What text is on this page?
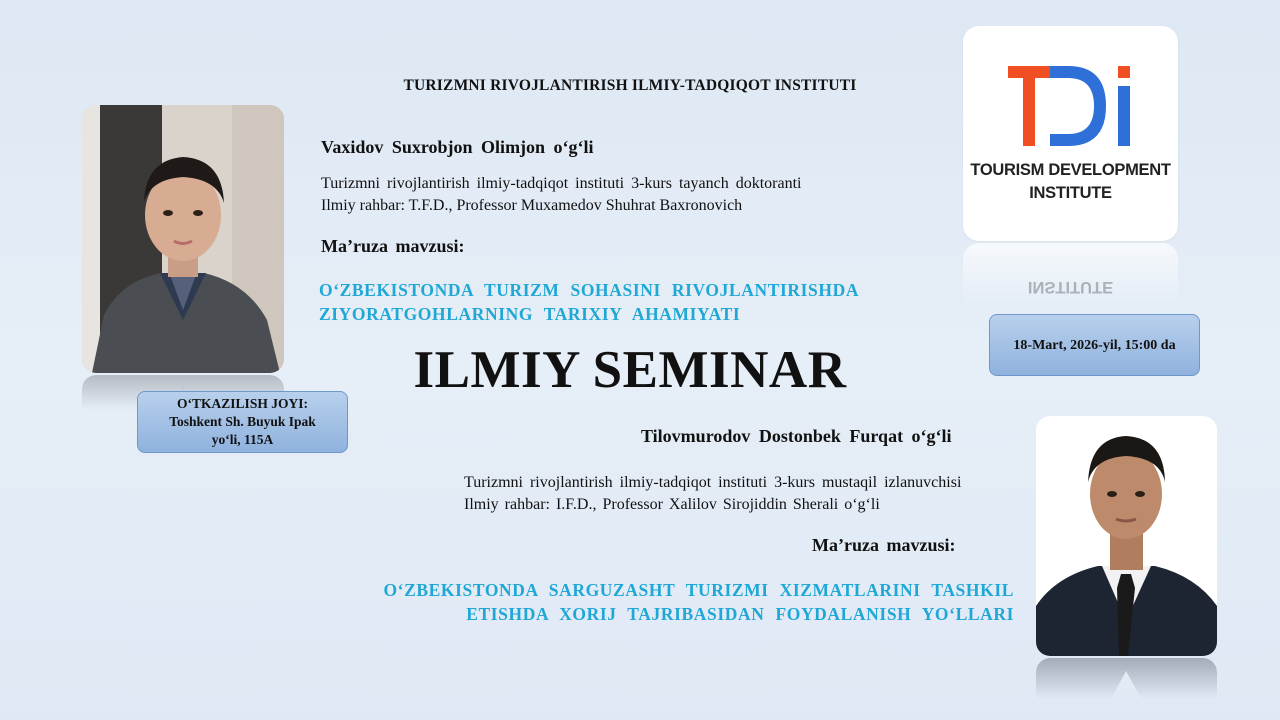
TURIZMNI RIVOJLANTIRISH ILMIY-TADQIQOT INSTITUTI
O‘TKAZILISH JOYI:
Toshkent Sh. Buyuk Ipak
yo‘li, 115A
TOURISM DEVELOPMENT
INSTITUTE
INSTITUTE
Vaxidov Suxrobjon Olimjon o‘g‘li
Turizmni rivojlantirish ilmiy-tadqiqot instituti 3-kurs tayanch doktoranti
Ilmiy rahbar: T.F.D., Professor Muxamedov Shuhrat Baxronovich
Ma’ruza mavzusi:
O‘ZBEKISTONDA TURIZM SOHASINI RIVOJLANTIRISHDA
ZIYORATGOHLARNING TARIXIY AHAMIYATI
18-Mart, 2026-yil, 15:00 da
ILMIY SEMINAR
Tilovmurodov Dostonbek Furqat o‘g‘li
Turizmni rivojlantirish ilmiy-tadqiqot instituti 3-kurs mustaqil izlanuvchisi
Ilmiy rahbar: I.F.D., Professor Xalilov Sirojiddin Sherali o‘g‘li
Ma’ruza mavzusi:
O‘ZBEKISTONDA SARGUZASHT TURIZMI XIZMATLARINI TASHKIL
ETISHDA XORIJ TAJRIBASIDAN FOYDALANISH YO‘LLARI
